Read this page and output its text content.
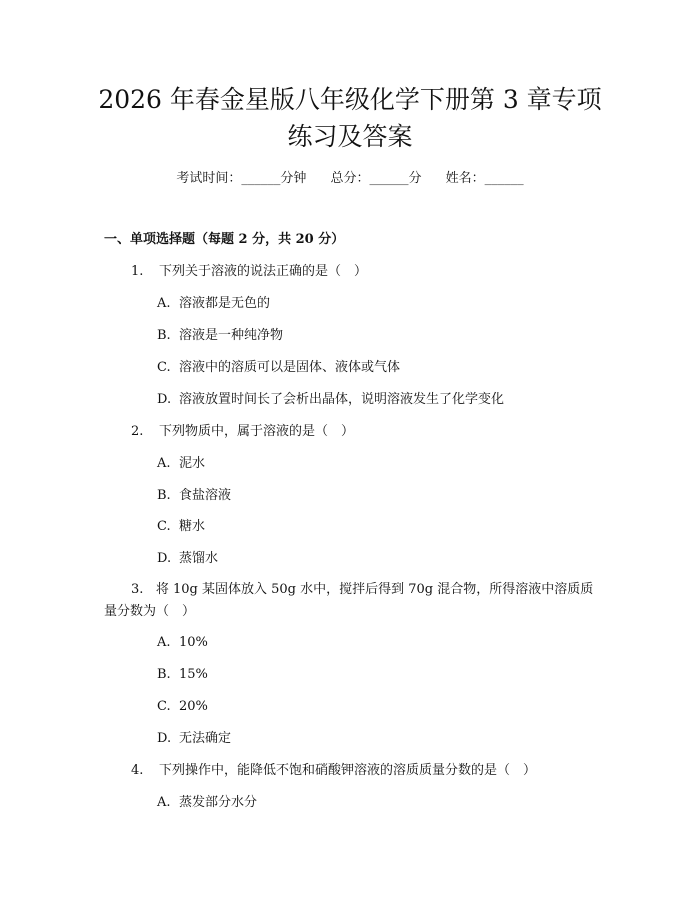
2026 年春金星版八年级化学下册第 3 章专项
练习及答案
考试时间：______分钟 总分：______分 姓名：______
一、单项选择题（每题 2 分，共 20 分）
1. 下列关于溶液的说法正确的是（　）
A. 溶液都是无色的
B. 溶液是一种纯净物
C. 溶液中的溶质可以是固体、液体或气体
D. 溶液放置时间长了会析出晶体，说明溶液发生了化学变化
2. 下列物质中，属于溶液的是（　）
A. 泥水
B. 食盐溶液
C. 糖水
D. 蒸馏水
3. 将 10g 某固体放入 50g 水中，搅拌后得到 70g 混合物，所得溶液中溶质质量分数为（　）
A. 10%
B. 15%
C. 20%
D. 无法确定
4. 下列操作中，能降低不饱和硝酸钾溶液的溶质质量分数的是（　）
A. 蒸发部分水分
